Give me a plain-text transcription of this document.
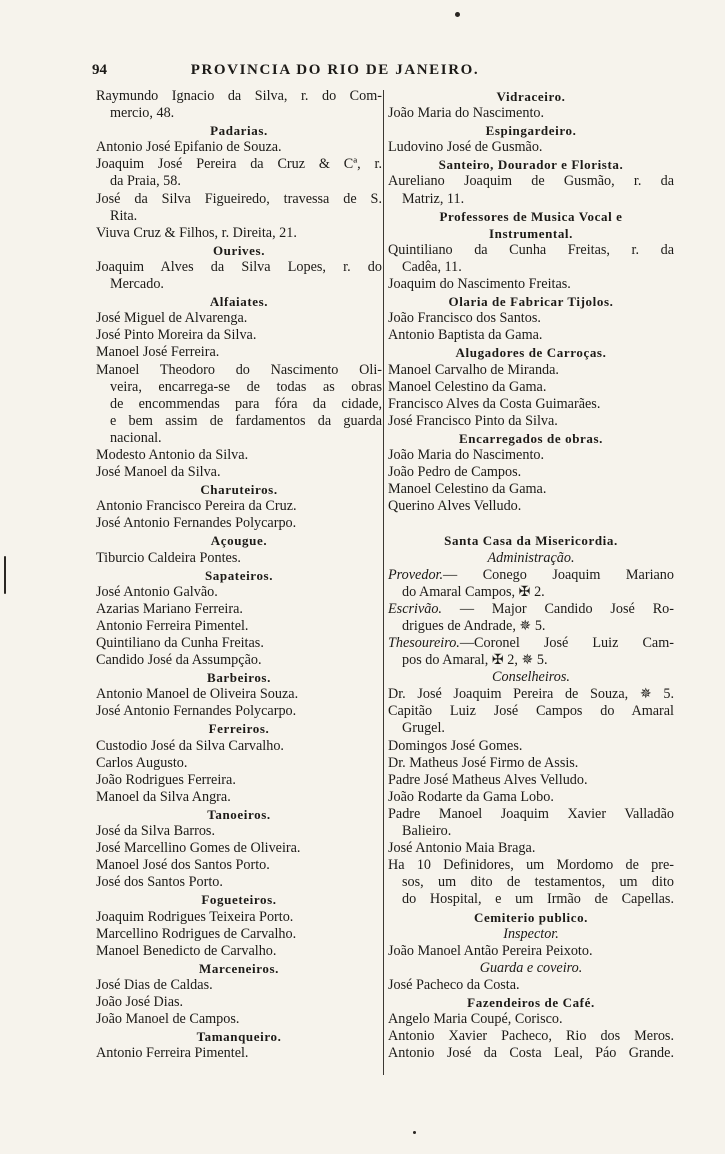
94	PROVINCIA DO RIO DE JANEIRO.
Raymundo Ignacio da Silva, r. do Com-
mercio, 48.
Padarias.
Antonio José Epifanio de Souza.
Joaquim José Pereira da Cruz & Cª, r.
da Praia, 58.
José da Silva Figueiredo, travessa de S.
Rita.
Viuva Cruz & Filhos, r. Direita, 21.
Ourives.
Joaquim Alves da Silva Lopes, r. do
Mercado.
Alfaiates.
José Miguel de Alvarenga.
José Pinto Moreira da Silva.
Manoel José Ferreira.
Manoel Theodoro do Nascimento Oli-
veira, encarrega-se de todas as obras
de encommendas para fóra da cidade,
e bem assim de fardamentos da guarda
nacional.
Modesto Antonio da Silva.
José Manoel da Silva.
Charuteiros.
Antonio Francisco Pereira da Cruz.
José Antonio Fernandes Polycarpo.
Açougue.
Tiburcio Caldeira Pontes.
Sapateiros.
José Antonio Galvão.
Azarias Mariano Ferreira.
Antonio Ferreira Pimentel.
Quintiliano da Cunha Freitas.
Candido José da Assumpção.
Barbeiros.
Antonio Manoel de Oliveira Souza.
José Antonio Fernandes Polycarpo.
Ferreiros.
Custodio José da Silva Carvalho.
Carlos Augusto.
João Rodrigues Ferreira.
Manoel da Silva Angra.
Tanoeiros.
José da Silva Barros.
José Marcellino Gomes de Oliveira.
Manoel José dos Santos Porto.
José dos Santos Porto.
Fogueteiros.
Joaquim Rodrigues Teixeira Porto.
Marcellino Rodrigues de Carvalho.
Manoel Benedicto de Carvalho.
Marceneiros.
José Dias de Caldas.
João José Dias.
João Manoel de Campos.
Tamanqueiro.
Antonio Ferreira Pimentel.
Vidraceiro.
João Maria do Nascimento.
Espingardeiro.
Ludovino José de Gusmão.
Santeiro, Dourador e Florista.
Aureliano Joaquim de Gusmão, r. da
Matriz, 11.
Professores de Musica Vocal e
Instrumental.
Quintiliano da Cunha Freitas, r. da
Cadêa, 11.
Joaquim do Nascimento Freitas.
Olaria de Fabricar Tijolos.
João Francisco dos Santos.
Antonio Baptista da Gama.
Alugadores de Carroças.
Manoel Carvalho de Miranda.
Manoel Celestino da Gama.
Francisco Alves da Costa Guimarães.
José Francisco Pinto da Silva.
Encarregados de obras.
João Maria do Nascimento.
João Pedro de Campos.
Manoel Celestino da Gama.
Querino Alves Velludo.

Santa Casa da Misericordia.
Administração.
Provedor.— Conego Joaquim Mariano
do Amaral Campos, ✠ 2.
Escrivão. — Major Candido José Ro-
drigues de Andrade, ✵ 5.
Thesoureiro.—Coronel José Luiz Cam-
pos do Amaral, ✠ 2, ✵ 5.
Conselheiros.
Dr. José Joaquim Pereira de Souza, ✵ 5.
Capitão Luiz José Campos do Amaral
Grugel.
Domingos José Gomes.
Dr. Matheus José Firmo de Assis.
Padre José Matheus Alves Velludo.
João Rodarte da Gama Lobo.
Padre Manoel Joaquim Xavier Valladão
Balieiro.
José Antonio Maia Braga.
Ha 10 Definidores, um Mordomo de pre-
sos, um dito de testamentos, um dito
do Hospital, e um Irmão de Capellas.
Cemiterio publico.
Inspector.
João Manoel Antão Pereira Peixoto.
Guarda e coveiro.
José Pacheco da Costa.
Fazendeiros de Café.
Angelo Maria Coupé, Corisco.
Antonio Xavier Pacheco, Rio dos Meros.
Antonio José da Costa Leal, Páo Grande.
